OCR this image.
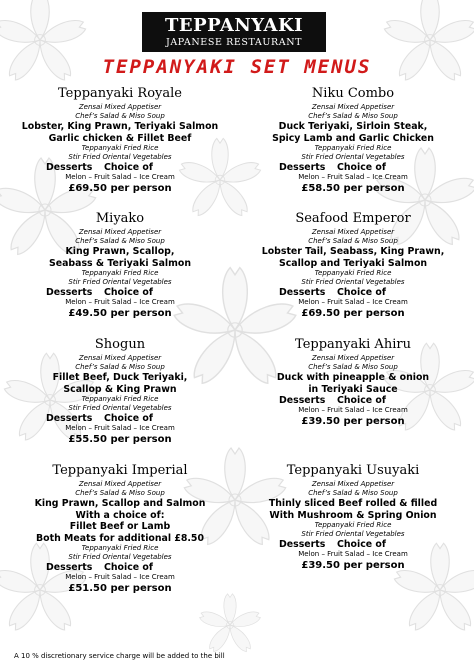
TEPPANYAKI
JAPANESE RESTAURANT
TEPPANYAKI SET MENUS
Teppanyaki Royale
Zensai Mixed Appetiser
Chef’s Salad & Miso Soup
Lobster, King Prawn, Teriyaki Salmon
Garlic chicken & Fillet Beef
Teppanyaki Fried Rice
Stir Fried Oriental Vegetables
Desserts Choice of
Melon – Fruit Salad – Ice Cream
£69.50 per person
Niku Combo
Zensai Mixed Appetiser
Chef’s Salad & Miso Soup
Duck Teriyaki, Sirloin Steak,
Spicy Lamb and Garlic Chicken
Teppanyaki Fried Rice
Stir Fried Oriental Vegetables
Desserts Choice of
Melon – Fruit Salad – Ice Cream
£58.50 per person
Miyako
Zensai Mixed Appetiser
Chef’s Salad & Miso Soup
King Prawn, Scallop,
Seabass & Teriyaki Salmon
Teppanyaki Fried Rice
Stir Fried Oriental Vegetables
Desserts Choice of
Melon – Fruit Salad – Ice Cream
£49.50 per person
Seafood Emperor
Zensai Mixed Appetiser
Chef’s Salad & Miso Soup
Lobster Tail, Seabass, King Prawn,
Scallop and Teriyaki Salmon
Teppanyaki Fried Rice
Stir Fried Oriental Vegetables
Desserts Choice of
Melon – Fruit Salad – Ice Cream
£69.50 per person
Shogun
Zensai Mixed Appetiser
Chef’s Salad & Miso Soup
Fillet Beef, Duck Teriyaki,
Scallop & King Prawn
Teppanyaki Fried Rice
Stir Fried Oriental Vegetables
Desserts Choice of
Melon – Fruit Salad – Ice Cream
£55.50 per person
Teppanyaki Ahiru
Zensai Mixed Appetiser
Chef’s Salad & Miso Soup
Duck with pineapple & onion
in Teriyaki Sauce
Desserts Choice of
Melon – Fruit Salad – Ice Cream
£39.50 per person
Teppanyaki Imperial
Zensai Mixed Appetiser
Chef’s Salad & Miso Soup
King Prawn, Scallop and Salmon
With a choice of:
Fillet Beef or Lamb
Both Meats for additional £8.50
Teppanyaki Fried Rice
Stir Fried Oriental Vegetables
Desserts Choice of
Melon – Fruit Salad – Ice Cream
£51.50 per person
Teppanyaki Usuyaki
Zensai Mixed Appetiser
Chef’s Salad & Miso Soup
Thinly sliced Beef rolled & filled
With Mushroom & Spring Onion
Teppanyaki Fried Rice
Stir Fried Oriental Vegetables
Desserts Choice of
Melon – Fruit Salad – Ice Cream
£39.50 per person
A 10 % discretionary service charge will be added to the bill
